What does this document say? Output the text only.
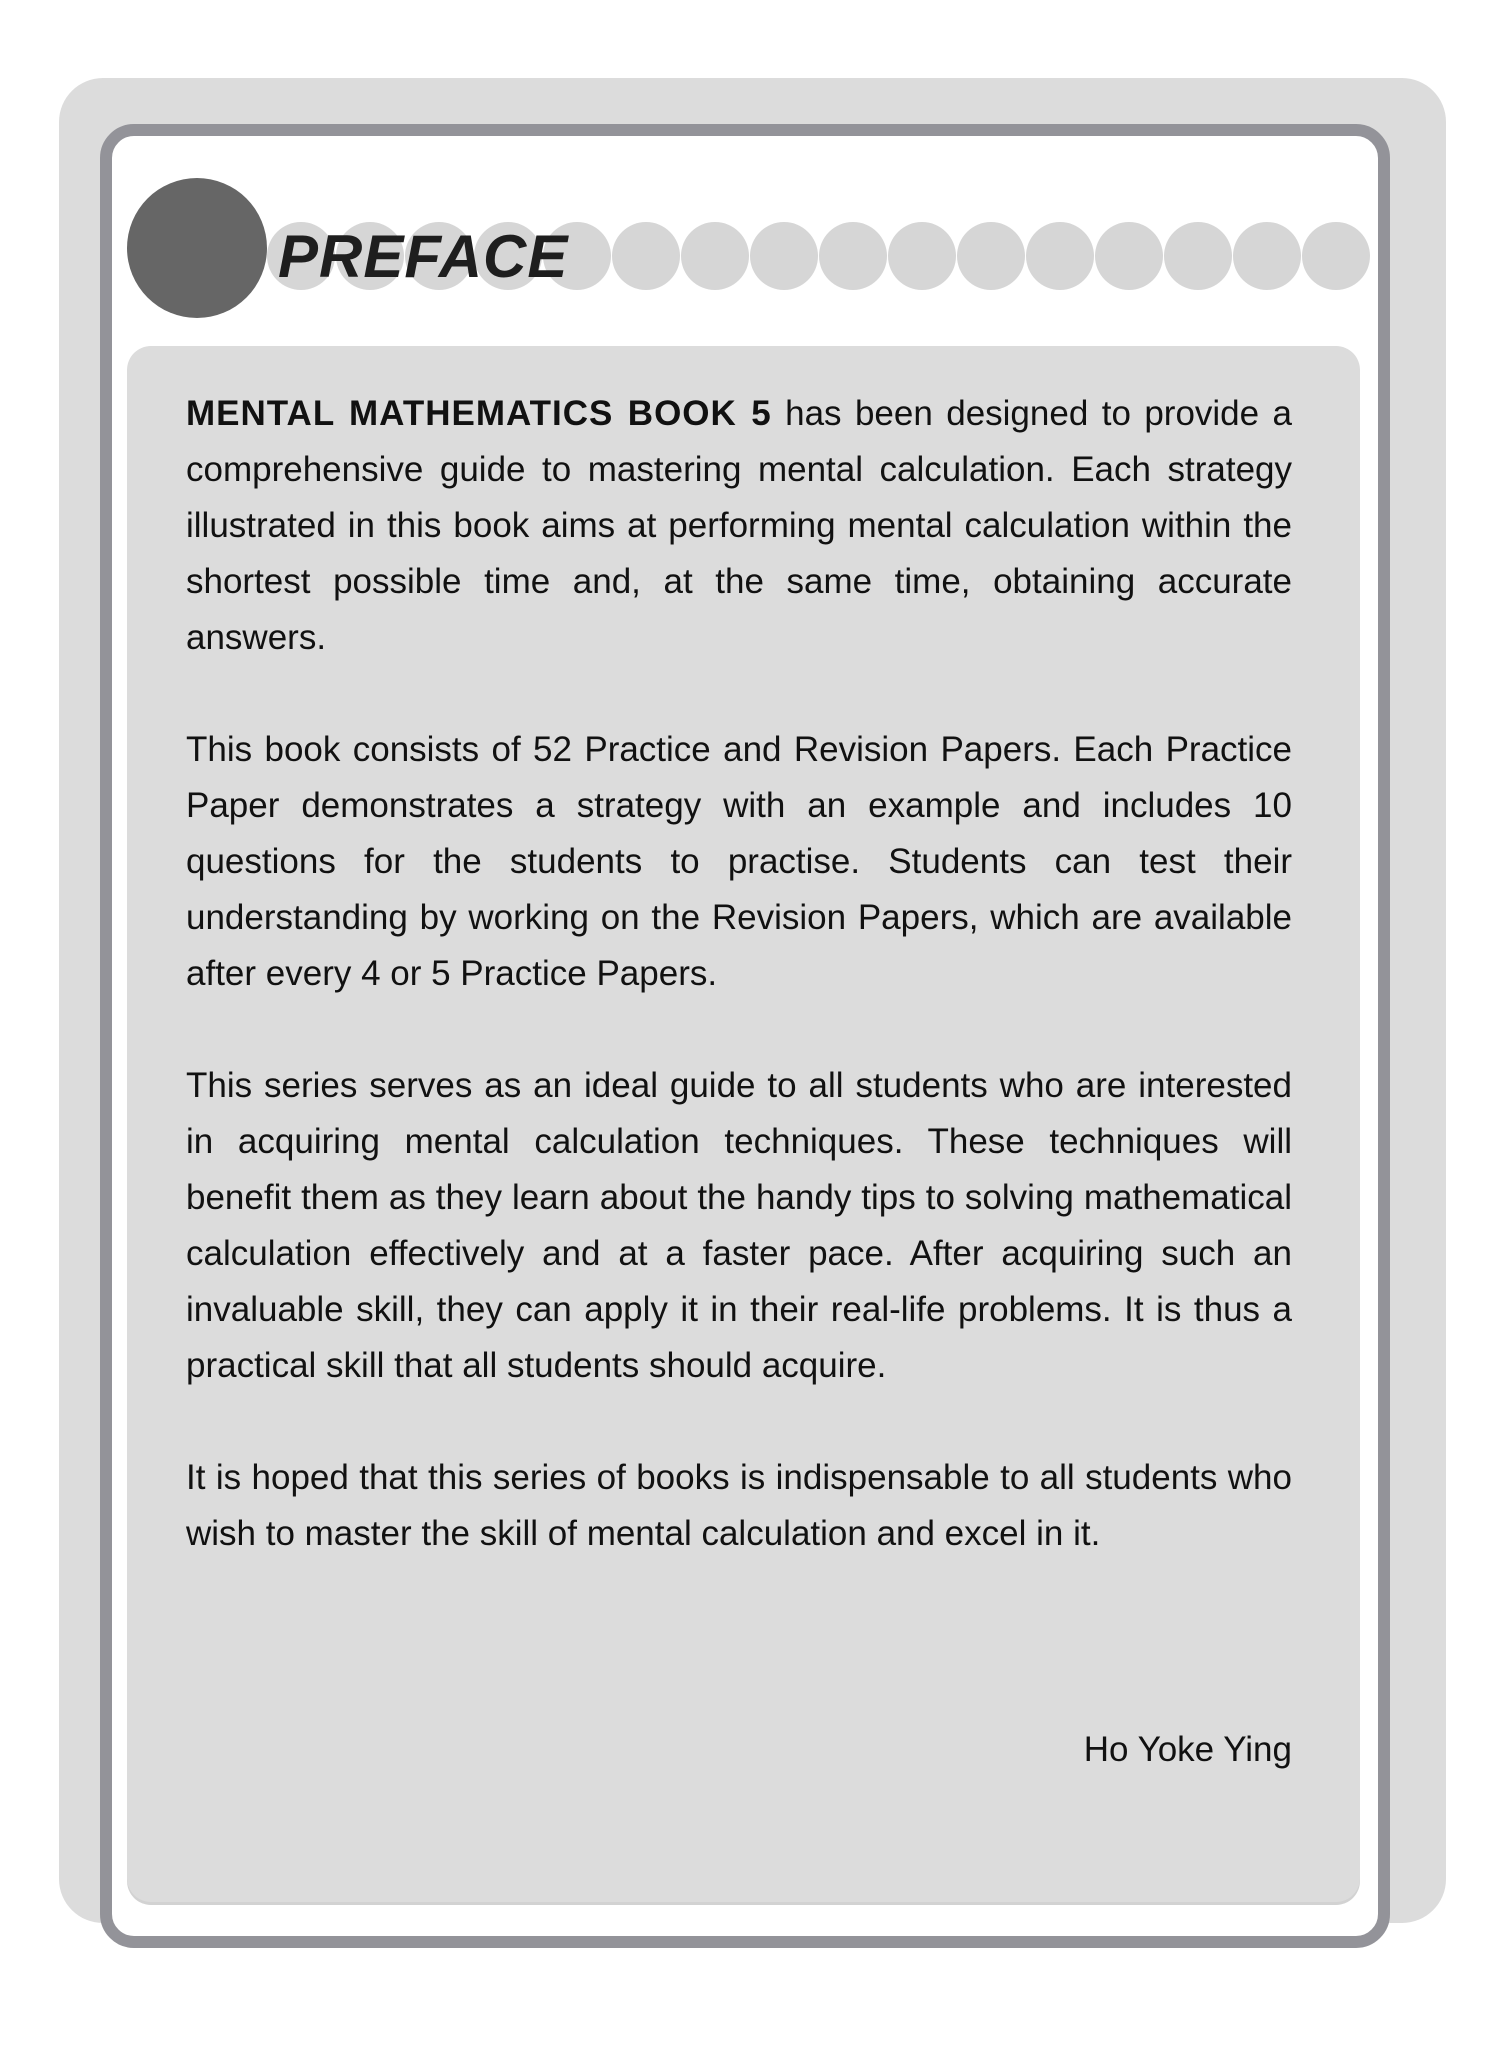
PREFACE

MENTAL MATHEMATICS BOOK 5 has been designed to provide a comprehensive guide to mastering mental calculation. Each strategy illustrated in this book aims at performing mental calculation within the shortest possible time and, at the same time, obtaining accurate answers.

This book consists of 52 Practice and Revision Papers. Each Practice Paper demonstrates a strategy with an example and includes 10 questions for the students to practise. Students can test their understanding by working on the Revision Papers, which are available after every 4 or 5 Practice Papers.

This series serves as an ideal guide to all students who are interested in acquiring mental calculation techniques. These techniques will benefit them as they learn about the handy tips to solving mathematical calculation effectively and at a faster pace. After acquiring such an invaluable skill, they can apply it in their real-life problems. It is thus a practical skill that all students should acquire.

It is hoped that this series of books is indispensable to all students who wish to master the skill of mental calculation and excel in it.

Ho Yoke Ying
